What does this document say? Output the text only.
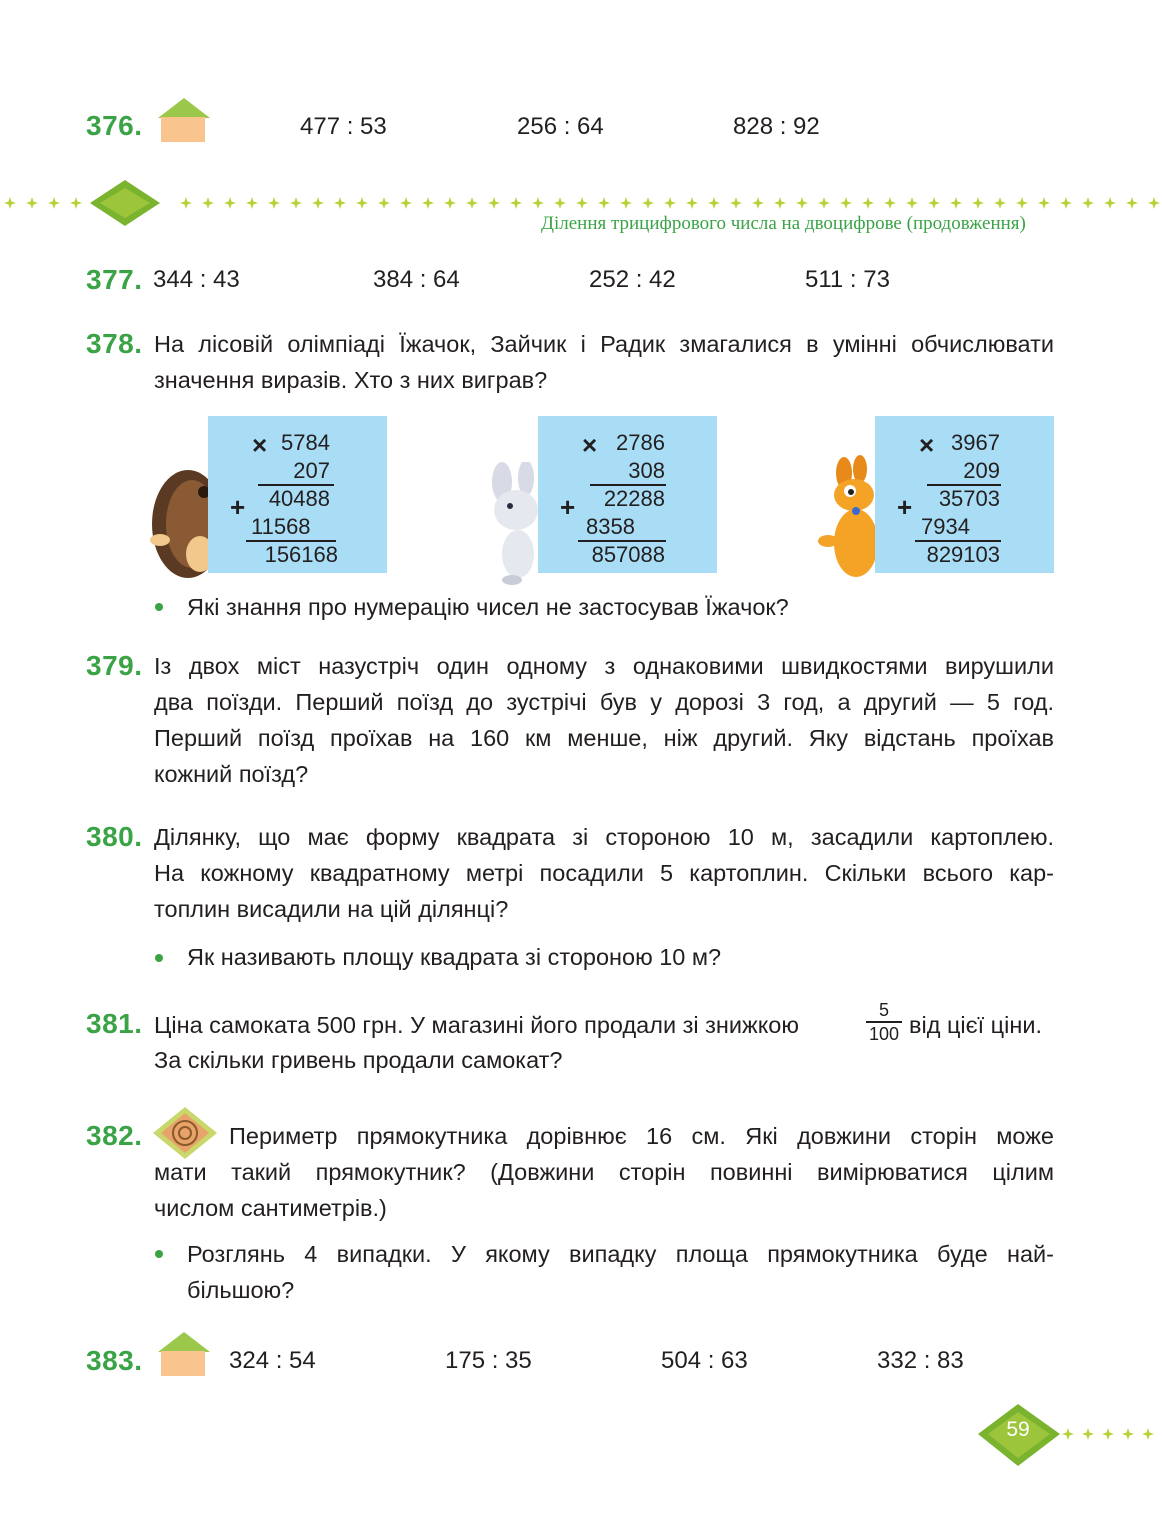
376.	477 : 53	256 : 64	828 : 92
Ділення трицифрового числа на двоцифрове (продовження)
377. 344 : 43	384 : 64	252 : 42	511 : 73
378. На лісовій олімпіаді Їжачок, Зайчик і Радик змагалися в умінні обчислювати значення виразів. Хто з них виграв?
× 5784
207
40488
+
11568
156168
× 2786
308
22288
+
8358
857088
× 3967
209
35703
+
7934
829103
Які знання про нумерацію чисел не застосував Їжачок?
379. Із двох міст назустріч один одному з однаковими швидкостями вирушили
два поїзди. Перший поїзд до зустрічі був у дорозі 3 год, а другий — 5 год.
Перший поїзд проїхав на 160 км менше, ніж другий. Яку відстань проїхав
кожний поїзд?
380. Ділянку, що має форму квадрата зі стороною 10 м, засадили картоплею.
На кожному квадратному метрі посадили 5 картоплин. Скільки всього кар-
топлин висадили на цій ділянці?
Як називають площу квадрата зі стороною 10 м?
381. Ціна самоката 500 грн. У магазині його продали зі знижкою
5
100 від цієї ціни.
За скільки гривень продали самокат?
382.	Периметр прямокутника дорівнює 16 см. Які довжини сторін може
мати такий прямокутник? (Довжини сторін повинні вимірюватися цілим
числом сантиметрів.)
Розглянь 4 випадки. У якому випадку площа прямокутника буде най-
більшою?
383.	324 : 54	175 : 35	504 : 63	332 : 83
59
